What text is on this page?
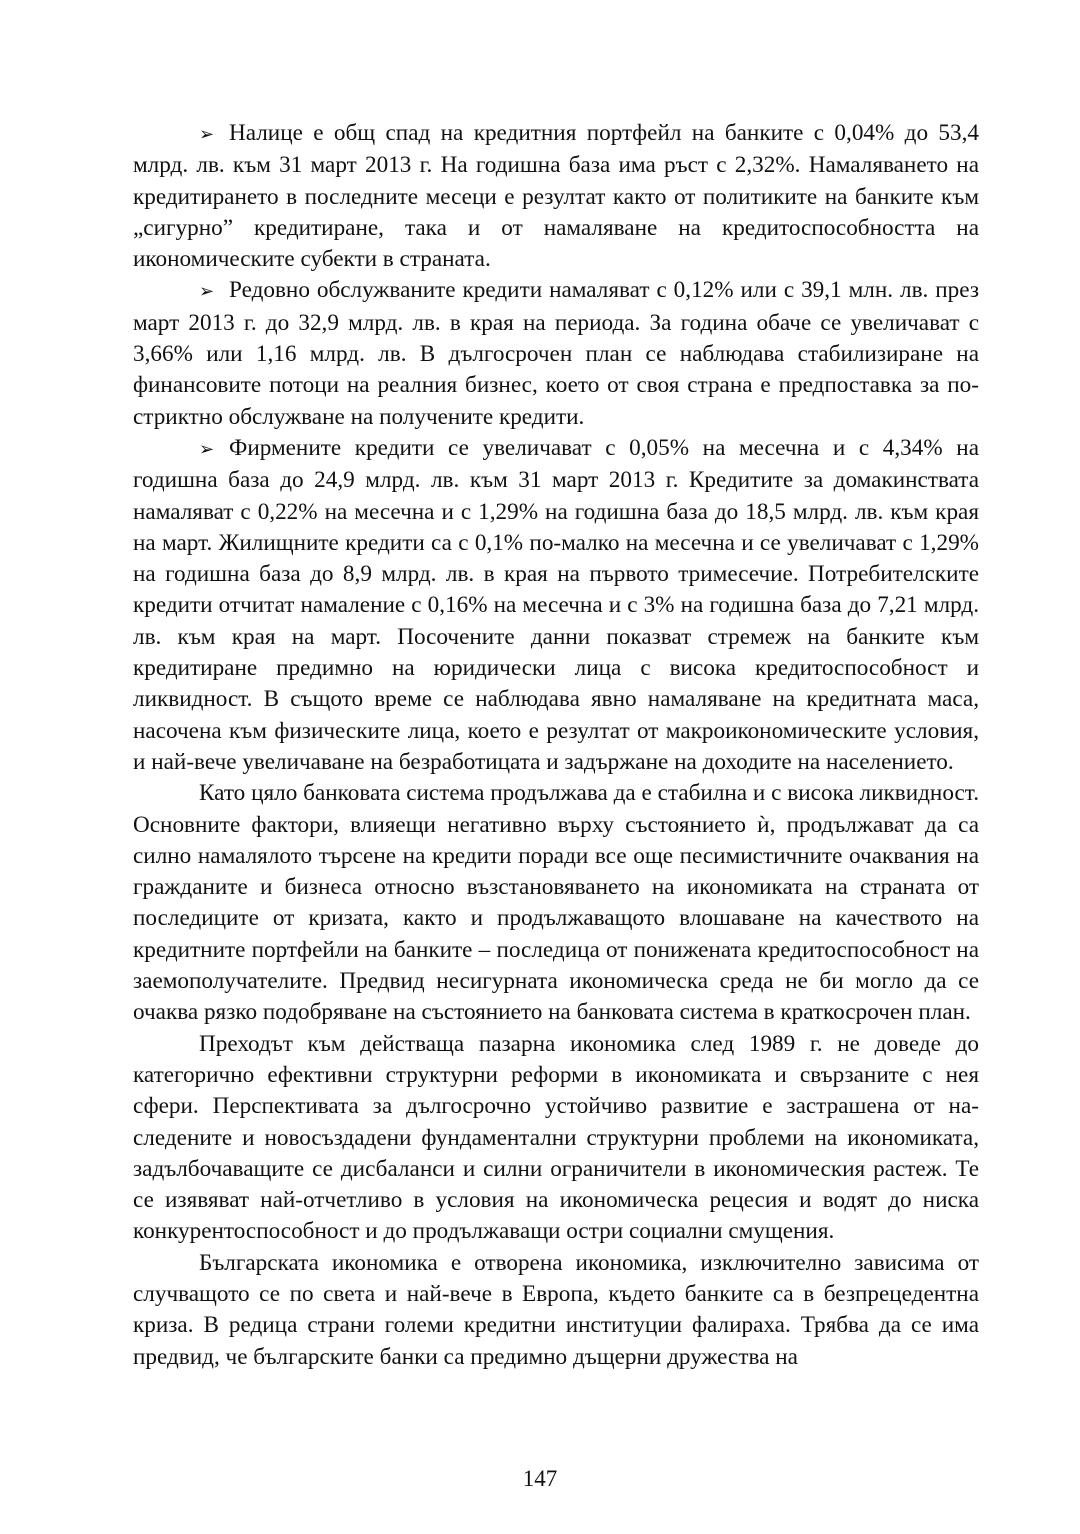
➢ Налице е общ спад на кредитния портфейл на банките с 0,04% до 53,4 млрд. лв. към 31 март 2013 г. На годишна база има ръст с 2,32%. Намаляването на кредитирането в последните месеци е резултат както от политиките на банките към „сигурно” кредитиране, така и от намаляване на кредитоспособността на икономическите субекти в страната.

➢ Редовно обслужваните кредити намаляват с 0,12% или с 39,1 млн. лв. през март 2013 г. до 32,9 млрд. лв. в края на периода. За година обаче се увеличават с 3,66% или 1,16 млрд. лв. В дългосрочен план се наблюдава стабилизиране на финансовите потоци на реалния бизнес, което от своя страна е предпоставка за по-стриктно обслужване на получените кредити.

➢ Фирмените кредити се увеличават с 0,05% на месечна и с 4,34% на годишна база до 24,9 млрд. лв. към 31 март 2013 г. Кредитите за домакинствата намаляват с 0,22% на месечна и с 1,29% на годишна база до 18,5 млрд. лв. към края на март. Жилищните кредити са с 0,1% по-малко на месечна и се увеличават с 1,29% на годишна база до 8,9 млрд. лв. в края на първото тримесечие. Потребителските кредити отчитат намаление с 0,16% на месечна и с 3% на годишна база до 7,21 млрд. лв. към края на март. Посочените данни показват стремеж на банките към кредитиране предимно на юридически лица с висока кредитоспособност и ликвидност. В същото време се наблюдава явно намаляване на кредитната маса, насочена към физическите лица, което е резултат от макроикономическите условия, и най-вече увеличаване на безработицата и задържане на доходите на населението.

Като цяло банковата система продължава да е стабилна и с висока ликвидност. Основните фактори, влияещи негативно върху състоянието ѝ, продължават да са силно намалялото търсене на кредити поради все още песимистичните очаквания на гражданите и бизнеса относно възстановяването на икономиката на страната от последиците от кризата, както и продължаващото влошаване на качеството на кредитните портфейли на банките – последица от понижената кредитоспособност на заемополучателите. Предвид несигурната икономическа среда не би могло да се очаква рязко подобряване на състоянието на банковата система в краткосрочен план.

Преходът към действаща пазарна икономика след 1989 г. не доведе до категорично ефективни структурни реформи в икономиката и свързаните с нея сфери. Перспективата за дългосрочно устойчиво развитие е застрашена от наследените и новосъздадени фундаментални структурни проблеми на икономиката, задълбочаващите се дисбаланси и силни ограничители в икономическия растеж. Те се изявяват най-отчетливо в условия на икономическа рецесия и водят до ниска конкурентоспособност и до продължаващи остри социални смущения.

Българската икономика е отворена икономика, изключително зависима от случващото се по света и най-вече в Европа, където банките са в безпрецедентна криза. В редица страни големи кредитни институции фалираха. Трябва да се има предвид, че българските банки са предимно дъщерни дружества на

147
